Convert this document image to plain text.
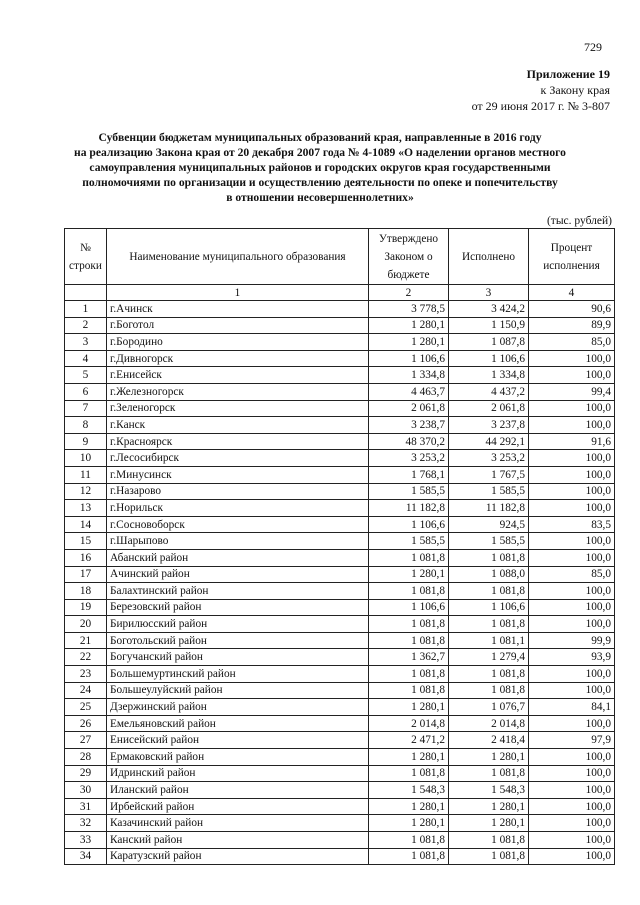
729
Приложение 19
к Закону края
от 29 июня 2017 г. № 3-807
Субвенции бюджетам муниципальных образований края, направленные в 2016 году
на реализацию Закона края от 20 декабря 2007 года № 4-1089 «О наделении органов местного
самоуправления муниципальных районов и городских округов края государственными
полномочиями по организации и осуществлению деятельности по опеке и попечительству
в отношении несовершеннолетних»
(тыс. рублей)
№ строки	Наименование муниципального образования	Утверждено Законом о бюджете	Исполнено	Процент исполнения
	1	2	3	4
1	г.Ачинск	3 778,5	3 424,2	90,6
2	г.Боготол	1 280,1	1 150,9	89,9
3	г.Бородино	1 280,1	1 087,8	85,0
4	г.Дивногорск	1 106,6	1 106,6	100,0
5	г.Енисейск	1 334,8	1 334,8	100,0
6	г.Железногорск	4 463,7	4 437,2	99,4
7	г.Зеленогорск	2 061,8	2 061,8	100,0
8	г.Канск	3 238,7	3 237,8	100,0
9	г.Красноярск	48 370,2	44 292,1	91,6
10	г.Лесосибирск	3 253,2	3 253,2	100,0
11	г.Минусинск	1 768,1	1 767,5	100,0
12	г.Назарово	1 585,5	1 585,5	100,0
13	г.Норильск	11 182,8	11 182,8	100,0
14	г.Сосновоборск	1 106,6	924,5	83,5
15	г.Шарыпово	1 585,5	1 585,5	100,0
16	Абанский район	1 081,8	1 081,8	100,0
17	Ачинский район	1 280,1	1 088,0	85,0
18	Балахтинский район	1 081,8	1 081,8	100,0
19	Березовский район	1 106,6	1 106,6	100,0
20	Бирилюсский район	1 081,8	1 081,8	100,0
21	Боготольский район	1 081,8	1 081,1	99,9
22	Богучанский район	1 362,7	1 279,4	93,9
23	Большемуртинский район	1 081,8	1 081,8	100,0
24	Большеулуйский район	1 081,8	1 081,8	100,0
25	Дзержинский район	1 280,1	1 076,7	84,1
26	Емельяновский район	2 014,8	2 014,8	100,0
27	Енисейский район	2 471,2	2 418,4	97,9
28	Ермаковский район	1 280,1	1 280,1	100,0
29	Идринский район	1 081,8	1 081,8	100,0
30	Иланский район	1 548,3	1 548,3	100,0
31	Ирбейский район	1 280,1	1 280,1	100,0
32	Казачинский район	1 280,1	1 280,1	100,0
33	Канский район	1 081,8	1 081,8	100,0
34	Каратузский район	1 081,8	1 081,8	100,0
